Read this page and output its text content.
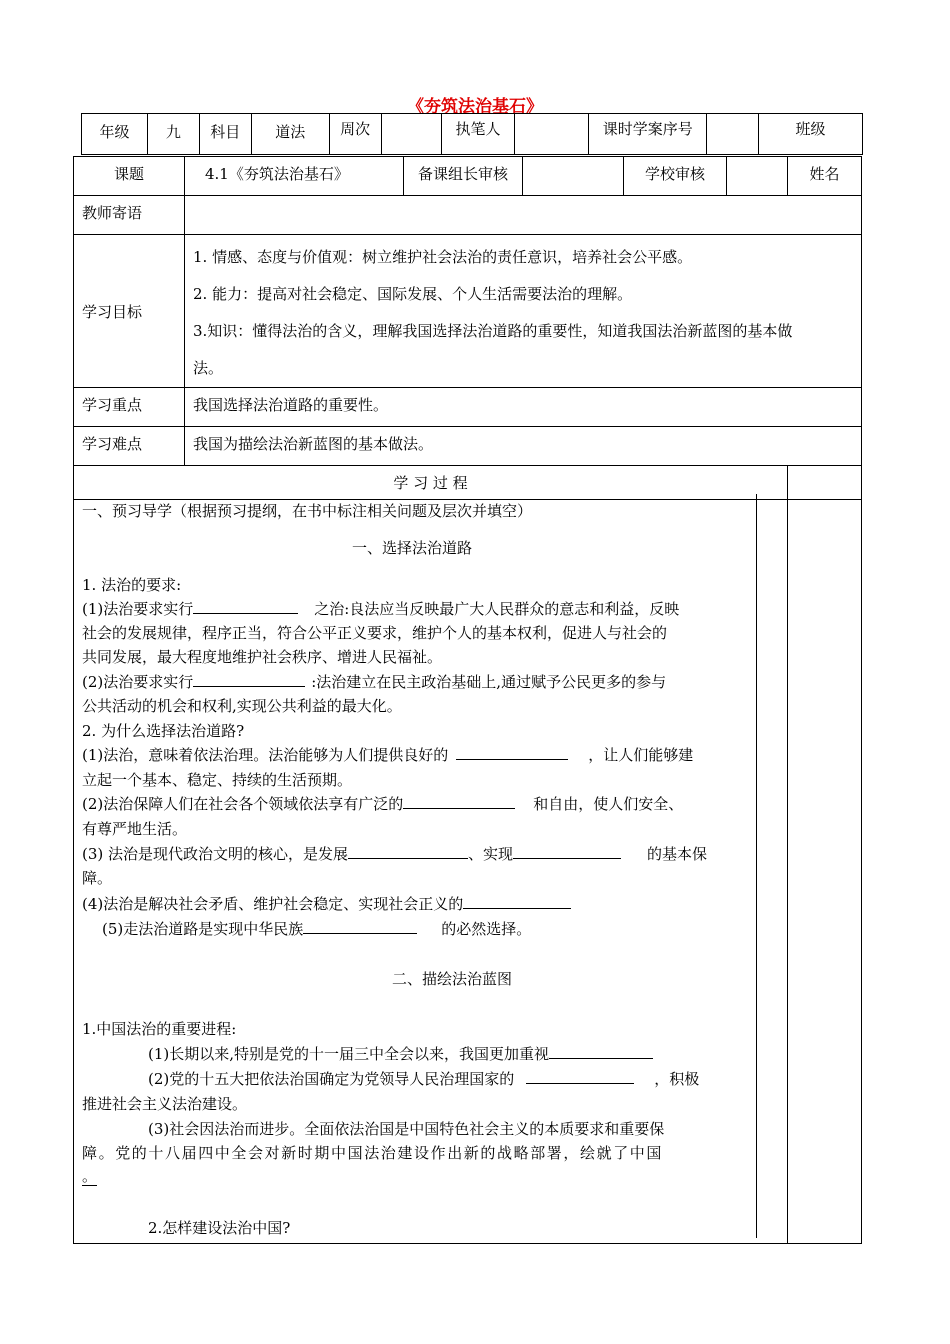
《夯筑法治基石》
年级	九	科目	道法	周次		执笔人		课时学案序号		班级
课题	4.1《夯筑法治基石》	备课组长审核		学校审核		姓名
教师寄语						
学习目标	1. 情感、态度与价值观：树立维护社会法治的责任意识，培养社会公平感。
2. 能力：提高对社会稳定、国际发展、个人生活需要法治的理解。
3.知识：懂得法治的含义，理解我国选择法治道路的重要性，知道我国法治新蓝图的基本做
法。					

学习重点	我国选择法治道路的重要性。					
学习难点	我国为描绘法治新蓝图的基本做法。					
学 习 过 程						

一、预习导学（根据预习提纲，在书中标注相关问题及层次并填空）
一、选择法治道路
1. 法治的要求:
(1)法治要求实行	之治:良法应当反映最广大人民群众的意志和利益，反映
社会的发展规律，程序正当，符合公平正义要求，维护个人的基本权利，促进人与社会的
共同发展，最大程度地维护社会秩序、增进人民福祉。
(2)法治要求实行	:法治建立在民主政治基础上,通过赋予公民更多的参与
公共活动的机会和权利,实现公共利益的最大化。
2. 为什么选择法治道路?
(1)法治，意味着依法治理。法治能够为人们提供良好的	，让人们能够建
立起一个基本、稳定、持续的生活预期。
(2)法治保障人们在社会各个领域依法享有广泛的	和自由，使人们安全、
有尊严地生活。
(3) 法治是现代政治文明的核心，是发展	、实现	的基本保
障。
(4)法治是解决社会矛盾、维护社会稳定、实现社会正义的
(5)走法治道路是实现中华民族	的必然选择。
二、描绘法治蓝图
1.中国法治的重要进程:
(1)长期以来,特别是党的十一届三中全会以来，我国更加重视
(2)党的十五大把依法治国确定为党领导人民治理国家的	，积极
推进社会主义法治建设。
(3)社会因法治而进步。全面依法治国是中国特色社会主义的本质要求和重要保
障。党的十八届四中全会对新时期中国法治建设作出新的战略部署，绘就了中国
。
2.怎样建设法治中国?
